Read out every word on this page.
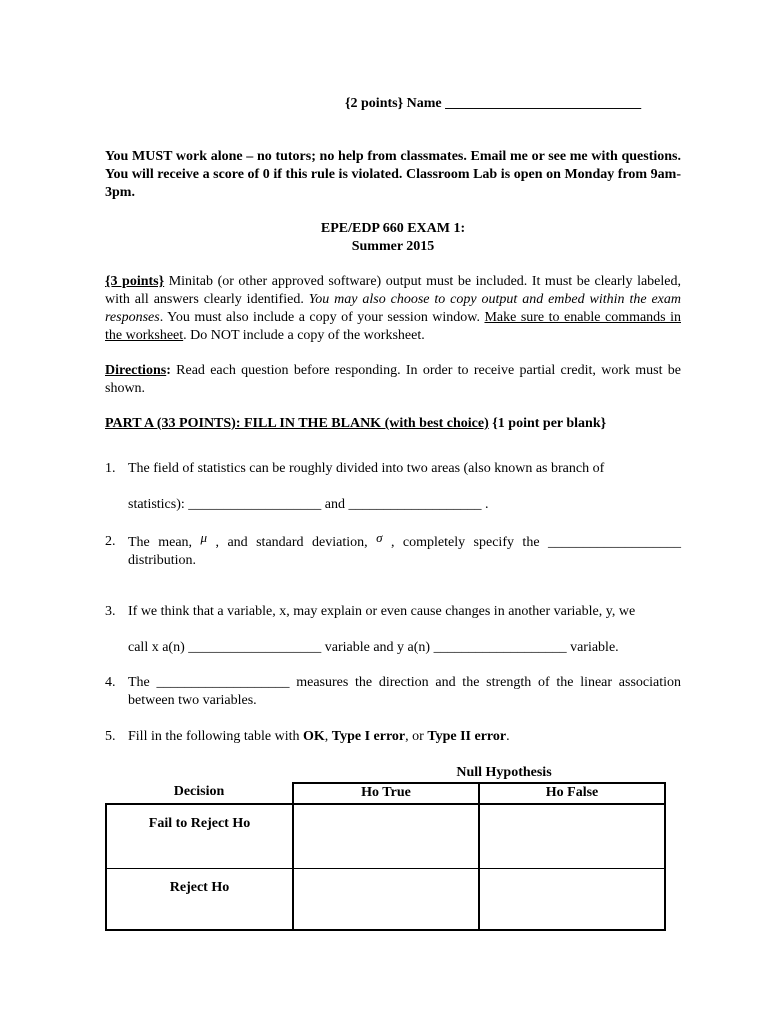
{2 points} Name ____________________________
You MUST work alone – no tutors; no help from classmates. Email me or see me with questions. You will receive a score of 0 if this rule is violated. Classroom Lab is open on Monday from 9am-3pm.
EPE/EDP 660 EXAM 1:
Summer 2015
{3 points} Minitab (or other approved software) output must be included. It must be clearly labeled, with all answers clearly identified. You may also choose to copy output and embed within the exam responses. You must also include a copy of your session window. Make sure to enable commands in the worksheet. Do NOT include a copy of the worksheet.
Directions: Read each question before responding. In order to receive partial credit, work must be shown.
PART A (33 POINTS): FILL IN THE BLANK (with best choice) {1 point per blank}
1. The field of statistics can be roughly divided into two areas (also known as branch of
statistics): ___________________ and ___________________ .
2. The mean, μ , and standard deviation, σ , completely specify the ___________________ distribution.
3. If we think that a variable, x, may explain or even cause changes in another variable, y, we
call x a(n) ___________________ variable and y a(n) ___________________ variable.
4. The ___________________ measures the direction and the strength of the linear association between two variables.
5. Fill in the following table with OK, Type I error, or Type II error.
Null Hypothesis
Decision	Ho True	Ho False
Fail to Reject Ho		
Reject Ho		
